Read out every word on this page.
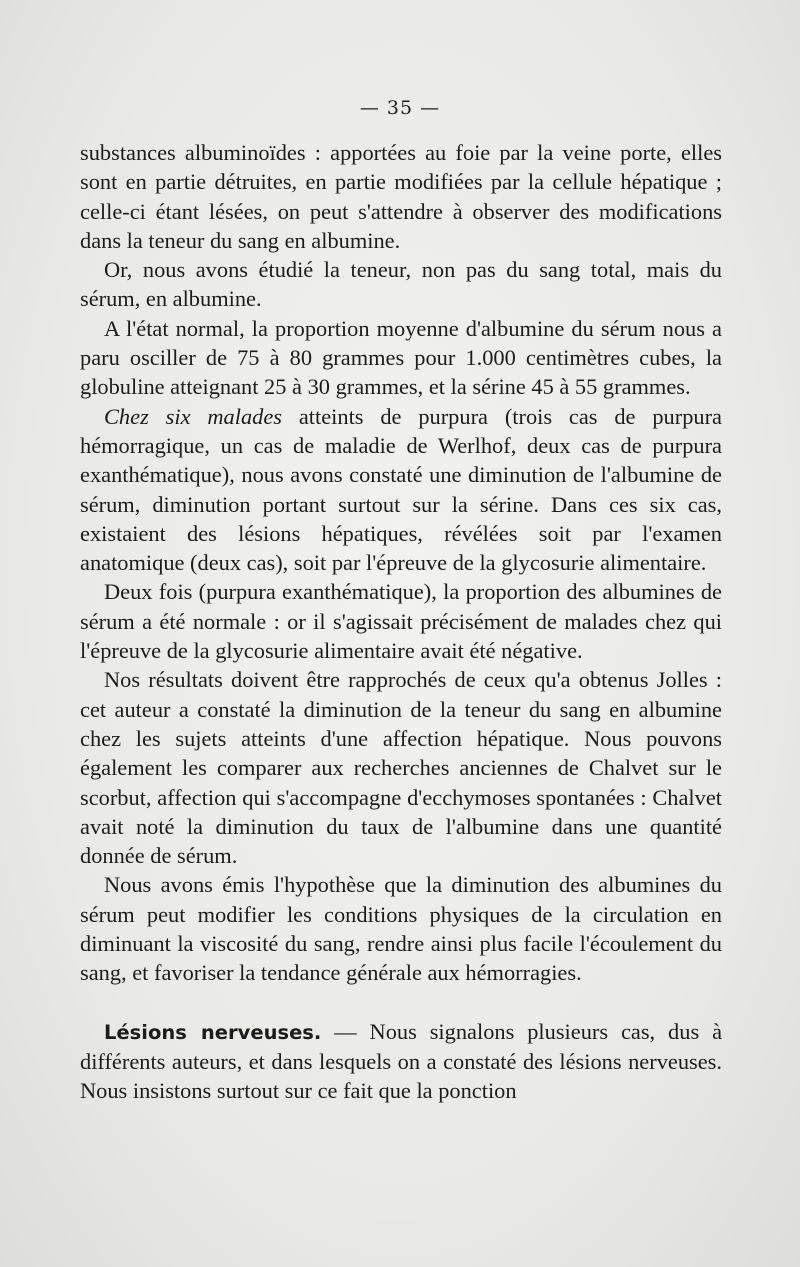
— 35 —

substances albuminoïdes : apportées au foie par la veine porte, elles sont en partie détruites, en partie modifiées par la cellule hépatique ; celle-ci étant lésées, on peut s'attendre à observer des modifications dans la teneur du sang en albumine.

Or, nous avons étudié la teneur, non pas du sang total, mais du sérum, en albumine.

A l'état normal, la proportion moyenne d'albumine du sérum nous a paru osciller de 75 à 80 grammes pour 1.000 centimètres cubes, la globuline atteignant 25 à 30 grammes, et la sérine 45 à 55 grammes.

Chez six malades atteints de purpura (trois cas de purpura hémorragique, un cas de maladie de Werlhof, deux cas de purpura exanthématique), nous avons constaté une diminution de l'albumine de sérum, diminution portant surtout sur la sérine. Dans ces six cas, existaient des lésions hépatiques, révélées soit par l'examen anatomique (deux cas), soit par l'épreuve de la glycosurie alimentaire.

Deux fois (purpura exanthématique), la proportion des albumines de sérum a été normale : or il s'agissait précisément de malades chez qui l'épreuve de la glycosurie alimentaire avait été négative.

Nos résultats doivent être rapprochés de ceux qu'a obtenus Jolles : cet auteur a constaté la diminution de la teneur du sang en albumine chez les sujets atteints d'une affection hépatique. Nous pouvons également les comparer aux recherches anciennes de Chalvet sur le scorbut, affection qui s'accompagne d'ecchymoses spontanées : Chalvet avait noté la diminution du taux de l'albumine dans une quantité donnée de sérum.

Nous avons émis l'hypothèse que la diminution des albumines du sérum peut modifier les conditions physiques de la circulation en diminuant la viscosité du sang, rendre ainsi plus facile l'écoulement du sang, et favoriser la tendance générale aux hémorragies.

Lésions nerveuses. — Nous signalons plusieurs cas, dus à différents auteurs, et dans lesquels on a constaté des lésions nerveuses. Nous insistons surtout sur ce fait que la ponction
